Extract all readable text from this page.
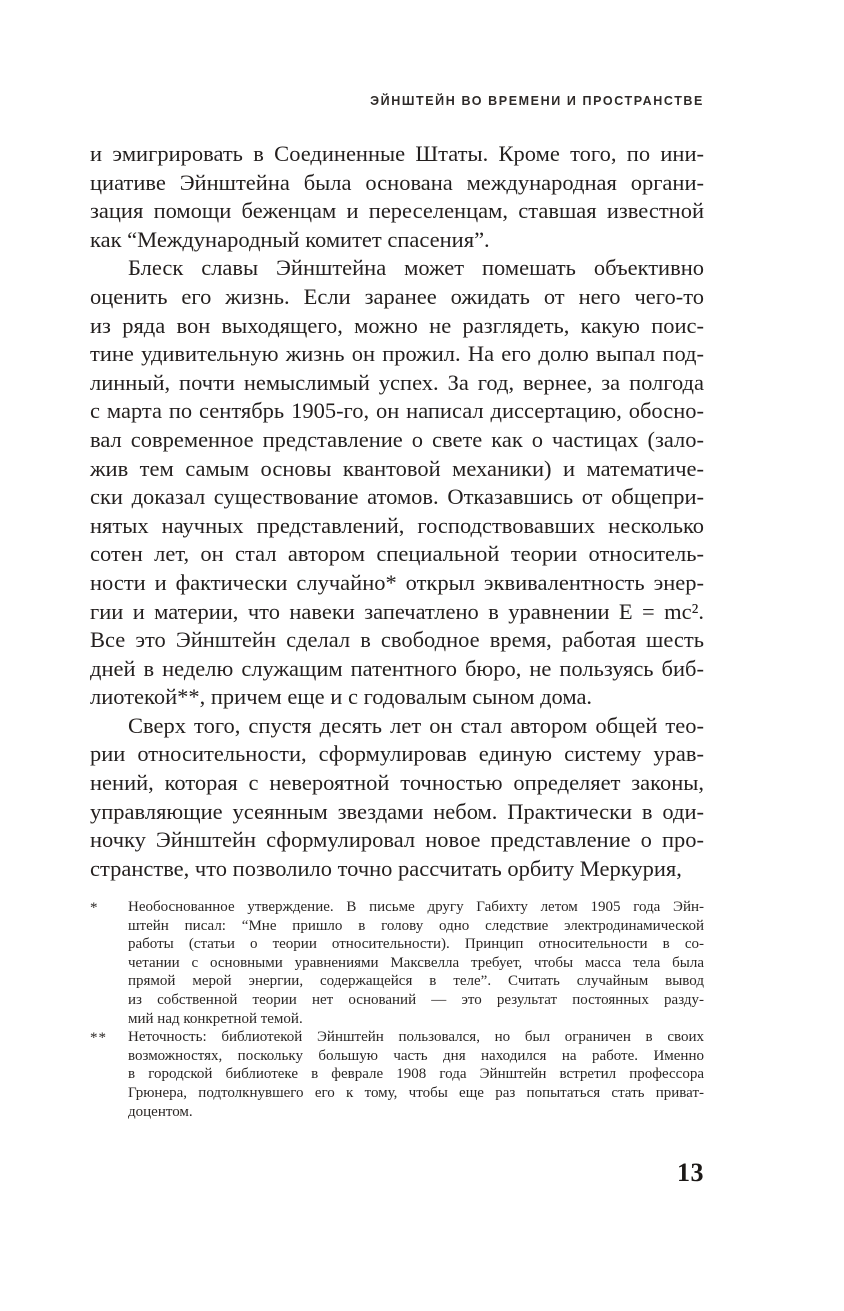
ЭЙНШТЕЙН ВО ВРЕМЕНИ И ПРОСТРАНСТВЕ
и эмигрировать в Соединенные Штаты. Кроме того, по ини-
циативе Эйнштейна была основана международная органи-
зация помощи беженцам и переселенцам, ставшая известной
как “Международный комитет спасения”.
Блеск славы Эйнштейна может помешать объективно
оценить его жизнь. Если заранее ожидать от него чего-то
из ряда вон выходящего, можно не разглядеть, какую поис-
тине удивительную жизнь он прожил. На его долю выпал под-
линный, почти немыслимый успех. За год, вернее, за полгода
с марта по сентябрь 1905-го, он написал диссертацию, обосно-
вал современное представление о свете как о частицах (зало-
жив тем самым основы квантовой механики) и математиче-
ски доказал существование атомов. Отказавшись от общепри-
нятых научных представлений, господствовавших несколько
сотен лет, он стал автором специальной теории относитель-
ности и фактически случайно* открыл эквивалентность энер-
гии и материи, что навеки запечатлено в уравнении E = mc².
Все это Эйнштейн сделал в свободное время, работая шесть
дней в неделю служащим патентного бюро, не пользуясь биб-
лиотекой**, причем еще и с годовалым сыном дома.
Сверх того, спустя десять лет он стал автором общей тео-
рии относительности, сформулировав единую систему урав-
нений, которая с невероятной точностью определяет законы,
управляющие усеянным звездами небом. Практически в оди-
ночку Эйнштейн сформулировал новое представление о про-
странстве, что позволило точно рассчитать орбиту Меркурия,
* Необоснованное утверждение. В письме другу Габихту летом 1905 года Эйн-
штейн писал: “Мне пришло в голову одно следствие электродинамической
работы (статьи о теории относительности). Принцип относительности в со-
четании с основными уравнениями Максвелла требует, чтобы масса тела была
прямой мерой энергии, содержащейся в теле”. Считать случайным вывод
из собственной теории нет оснований — это результат постоянных разду-
мий над конкретной темой.
** Неточность: библиотекой Эйнштейн пользовался, но был ограничен в своих
возможностях, поскольку большую часть дня находился на работе. Именно
в городской библиотеке в феврале 1908 года Эйнштейн встретил профессора
Грюнера, подтолкнувшего его к тому, чтобы еще раз попытаться стать приват-
доцентом.
13
